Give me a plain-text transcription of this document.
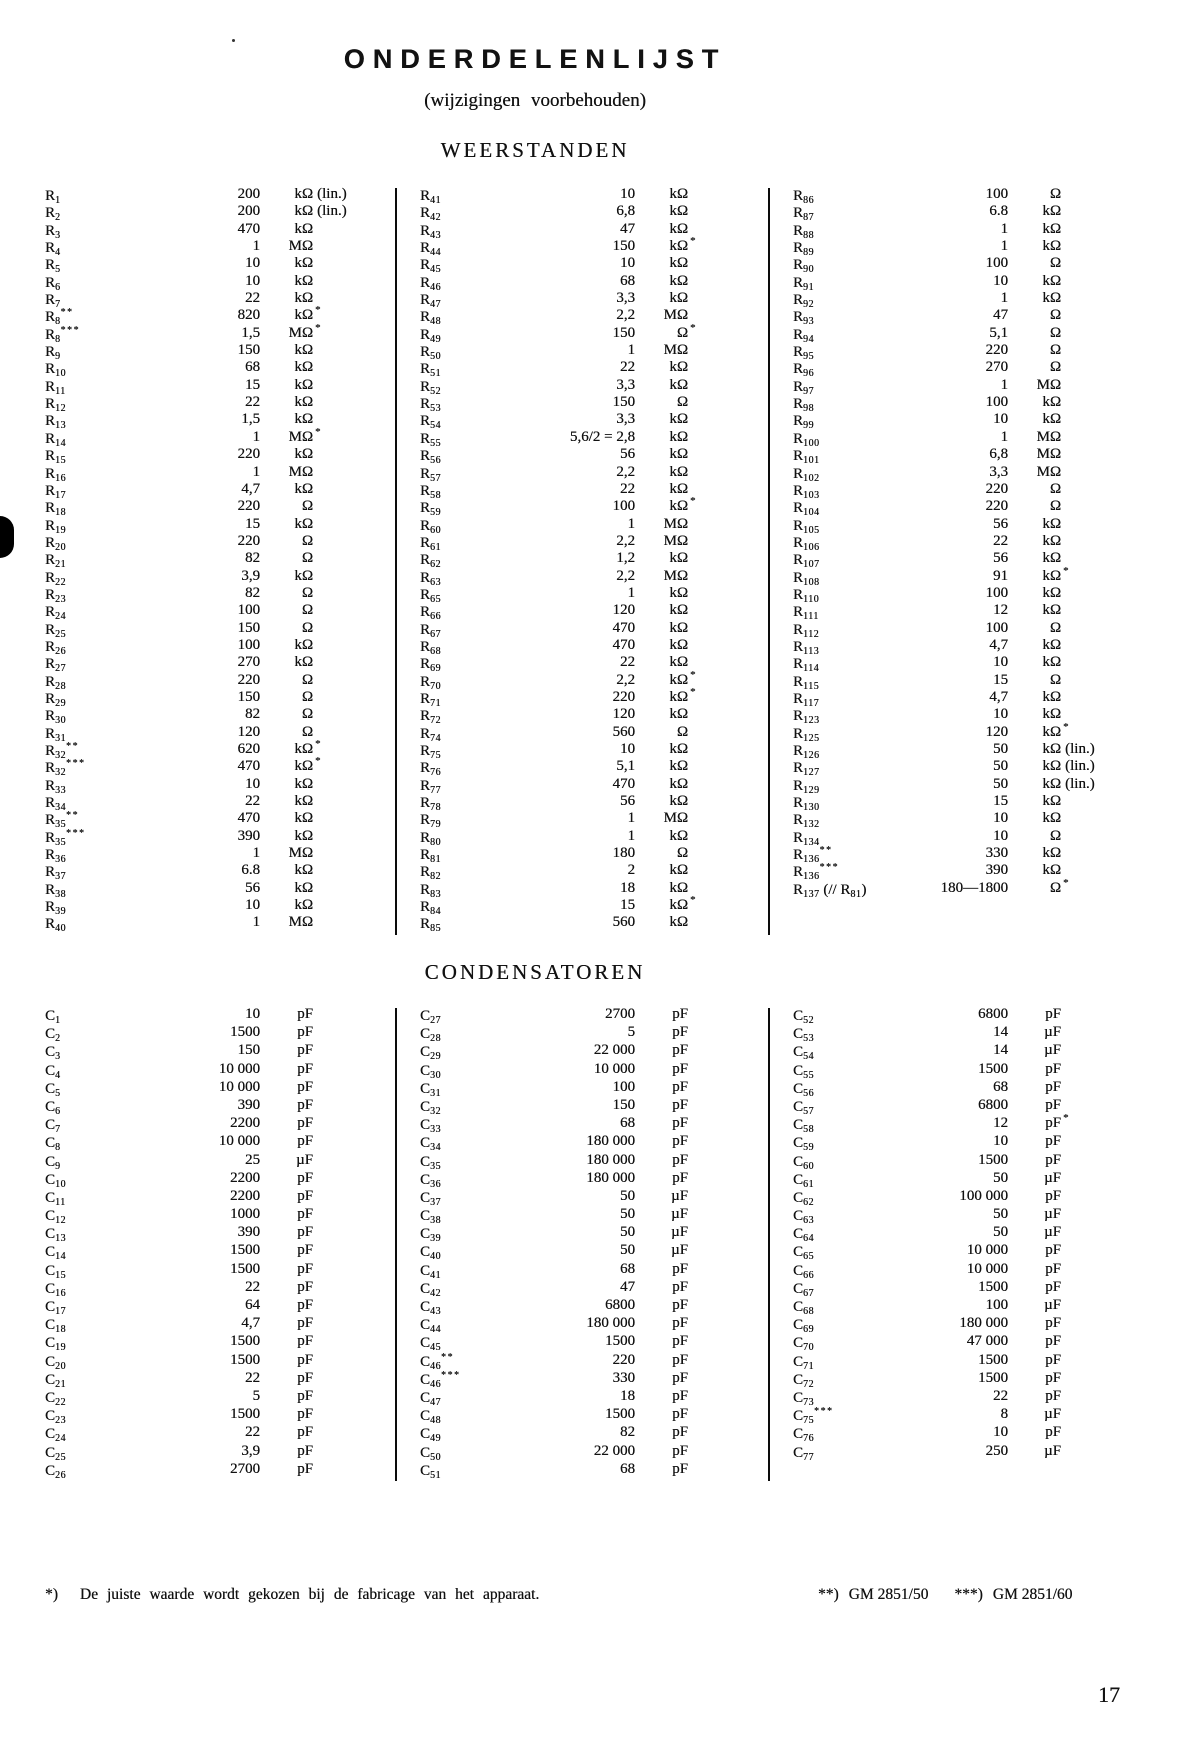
ONDERDELENLIJST
(wijzigingen voorbehouden)
WEERSTANDEN
CONDENSATOREN
$R_1$	200 kΩ (lin.)
$R_2$	200 kΩ (lin.)
$R_3$	470 kΩ
$R_4$	1 MΩ
$R_5$	10 kΩ
$R_6$	10 kΩ
$R_7$	22 kΩ
$R_8^{**}$	820 kΩ *
$R_8^{***}$	1,5 MΩ *
$R_9$	150 kΩ
$R_{10}$	68 kΩ
$R_{11}$	15 kΩ
$R_{12}$	22 kΩ
$R_{13}$	1,5 kΩ
$R_{14}$	1 MΩ *
$R_{15}$	220 kΩ
$R_{16}$	1 MΩ
$R_{17}$	4,7 kΩ
$R_{18}$	220	Ω
$R_{19}$	15 kΩ
$R_{20}$	220	Ω
$R_{21}$	82	Ω
$R_{22}$	3,9 kΩ
$R_{23}$	82	Ω
$R_{24}$	100	Ω
$R_{25}$	150	Ω
$R_{26}$	100 kΩ
$R_{27}$	270 kΩ
$R_{28}$	220	Ω
$R_{29}$	150	Ω
$R_{30}$	82	Ω
$R_{31}$	120	Ω
$R_{32}^{**}$	620 kΩ *
$R_{32}^{***}$	470 kΩ *
$R_{33}$	10 kΩ
$R_{34}$	22 kΩ
$R_{35}^{**}$	470 kΩ
$R_{35}^{***}$	390 kΩ
$R_{36}$	1 MΩ
$R_{37}$	6.8 kΩ
$R_{38}$	56 kΩ
$R_{39}$	10 kΩ
$R_{40}$	1 MΩ
$R_{41}$	10 kΩ
$R_{42}$	6,8 kΩ
$R_{43}$	47 kΩ
$R_{44}$	150 kΩ *
$R_{45}$	10 kΩ
$R_{46}$	68 kΩ
$R_{47}$	3,3 kΩ
$R_{48}$	2,2 MΩ
$R_{49}$	150	Ω *
$R_{50}$	1 MΩ
$R_{51}$	22 kΩ
$R_{52}$	3,3 kΩ
$R_{53}$	150	Ω
$R_{54}$	3,3 kΩ
$R_{55}$	5,6/2 = 2,8 kΩ
$R_{56}$	56 kΩ
$R_{57}$	2,2 kΩ
$R_{58}$	22 kΩ
$R_{59}$	100 kΩ *
$R_{60}$	1 MΩ
$R_{61}$	2,2 MΩ
$R_{62}$	1,2 kΩ
$R_{63}$	2,2 MΩ
$R_{65}$	1 kΩ
$R_{66}$	120 kΩ
$R_{67}$	470 kΩ
$R_{68}$	470 kΩ
$R_{69}$	22 kΩ
$R_{70}$	2,2 kΩ *
$R_{71}$	220 kΩ *
$R_{72}$	120 kΩ
$R_{74}$	560	Ω
$R_{75}$	10 kΩ
$R_{76}$	5,1 kΩ
$R_{77}$	470 kΩ
$R_{78}$	56 kΩ
$R_{79}$	1 MΩ
$R_{80}$	1 kΩ
$R_{81}$	180	Ω
$R_{82}$	2 kΩ
$R_{83}$	18 kΩ
$R_{84}$	15 kΩ *
$R_{85}$	560 kΩ
$R_{86}$	100	Ω
$R_{87}$	6.8 kΩ
$R_{88}$	1 kΩ
$R_{89}$	1 kΩ
$R_{90}$	100	Ω
$R_{91}$	10 kΩ
$R_{92}$	1 kΩ
$R_{93}$	47	Ω
$R_{94}$	5,1	Ω
$R_{95}$	220	Ω
$R_{96}$	270	Ω
$R_{97}$	1 MΩ
$R_{98}$	100 kΩ
$R_{99}$	10 kΩ
$R_{100}$	1 MΩ
$R_{101}$	6,8 MΩ
$R_{102}$	3,3 MΩ
$R_{103}$	220	Ω
$R_{104}$	220	Ω
$R_{105}$	56 kΩ
$R_{106}$	22 kΩ
$R_{107}$	56 kΩ
$R_{108}$	91 kΩ *
$R_{110}$	100 kΩ
$R_{111}$	12 kΩ
$R_{112}$	100	Ω
$R_{113}$	4,7 kΩ
$R_{114}$	10 kΩ
$R_{115}$	15	Ω
$R_{117}$	4,7 kΩ
$R_{123}$	10 kΩ
$R_{125}$	120 kΩ *
$R_{126}$	50 kΩ (lin.)
$R_{127}$	50 kΩ (lin.)
$R_{129}$	50 kΩ (lin.)
$R_{130}$	15 kΩ
$R_{132}$	10 kΩ
$R_{134}$	10	Ω
$R_{136}^{**}$	330 kΩ
$R_{136}^{***}$	390 kΩ
$R_{137}$ (// $R_{81}$)	180—1800	Ω *
$C_1$	10 pF
$C_2$	1500 pF
$C_3$	150 pF
$C_4$	10 000 pF
$C_5$	10 000 pF
$C_6$	390 pF
$C_7$	2200 pF
$C_8$	10 000 pF
$C_9$	25 µF
$C_{10}$	2200 pF
$C_{11}$	2200 pF
$C_{12}$	1000 pF
$C_{13}$	390 pF
$C_{14}$	1500 pF
$C_{15}$	1500 pF
$C_{16}$	22 pF
$C_{17}$	64 pF
$C_{18}$	4,7 pF
$C_{19}$	1500 pF
$C_{20}$	1500 pF
$C_{21}$	22 pF
$C_{22}$	5 pF
$C_{23}$	1500 pF
$C_{24}$	22 pF
$C_{25}$	3,9 pF
$C_{26}$	2700 pF
$C_{27}$	2700 pF
$C_{28}$	5 pF
$C_{29}$	22 000 pF
$C_{30}$	10 000 pF
$C_{31}$	100 pF
$C_{32}$	150 pF
$C_{33}$	68 pF
$C_{34}$	180 000 pF
$C_{35}$	180 000 pF
$C_{36}$	180 000 pF
$C_{37}$	50 µF
$C_{38}$	50 µF
$C_{39}$	50 µF
$C_{40}$	50 µF
$C_{41}$	68 pF
$C_{42}$	47 pF
$C_{43}$	6800 pF
$C_{44}$	180 000 pF
$C_{45}$	1500 pF
$C_{46}^{**}$	220 pF
$C_{46}^{***}$	330 pF
$C_{47}$	18 pF
$C_{48}$	1500 pF
$C_{49}$	82 pF
$C_{50}$	22 000 pF
$C_{51}$	68 pF
$C_{52}$	6800 pF
$C_{53}$	14 µF
$C_{54}$	14 µF
$C_{55}$	1500 pF
$C_{56}$	68 pF
$C_{57}$	6800 pF
$C_{58}$	12 pF *
$C_{59}$	10 pF
$C_{60}$	1500 pF
$C_{61}$	50 µF
$C_{62}$	100 000 pF
$C_{63}$	50 µF
$C_{64}$	50 µF
$C_{65}$	10 000 pF
$C_{66}$	10 000 pF
$C_{67}$	1500 pF
$C_{68}$	100 µF
$C_{69}$	180 000 pF
$C_{70}$	47 000 pF
$C_{71}$	1500 pF
$C_{72}$	1500 pF
$C_{73}$	22 pF
$C_{75}^{***}$	8 µF
$C_{76}$	10 pF
$C_{77}$	250 µF
*) De juiste waarde wordt gekozen bij de fabricage van het apparaat.	**) GM 2851/50 ***) GM 2851/60
17
